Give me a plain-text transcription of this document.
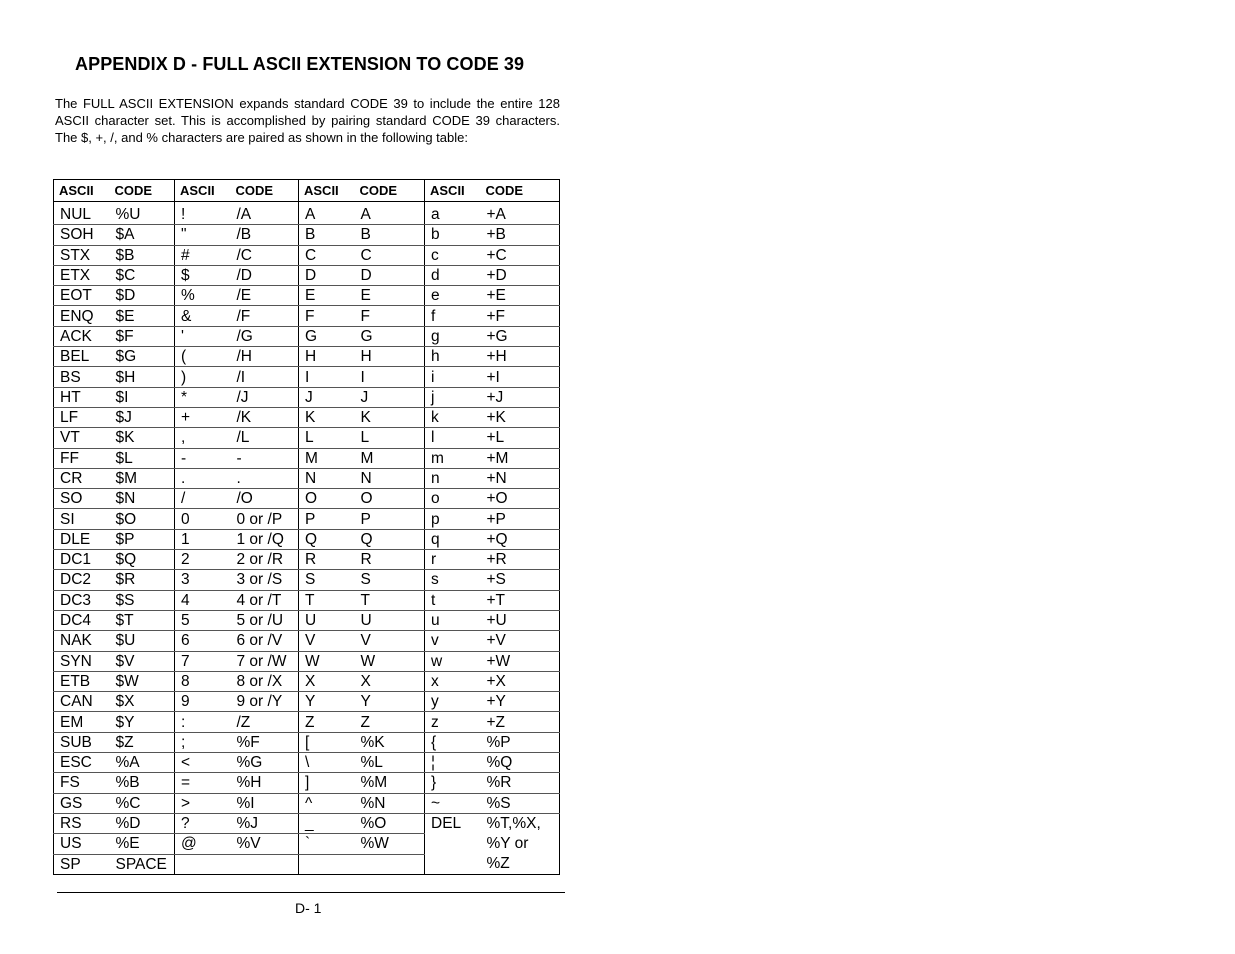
APPENDIX D - FULL ASCII EXTENSION TO CODE 39
The FULL ASCII EXTENSION expands standard CODE 39 to include the entire 128 ASCII character set. This is accomplished by pairing standard CODE 39 characters. The $, +, /, and % characters are paired as shown in the following table:
ASCII	CODE	ASCII	CODE	ASCII	CODE	ASCII	CODE

NUL	%U	!	/A	A	A	a	+A
SOH	$A	"	/B	B	B	b	+B
STX	$B	#	/C	C	C	c	+C
ETX	$C	$	/D	D	D	d	+D
EOT	$D	%	/E	E	E	e	+E
ENQ	$E	&	/F	F	F	f	+F
ACK	$F	'	/G	G	G	g	+G
BEL	$G	(	/H	H	H	h	+H
BS	$H	)	/I	I	I	i	+I
HT	$I	*	/J	J	J	j	+J
LF	$J	+	/K	K	K	k	+K
VT	$K	,	/L	L	L	l	+L
FF	$L	-	-	M	M	m	+M
CR	$M	.	.	N	N	n	+N
SO	$N	/	/O	O	O	o	+O
SI	$O	0	0 or /P	P	P	p	+P
DLE	$P	1	1 or /Q	Q	Q	q	+Q
DC1	$Q	2	2 or /R	R	R	r	+R
DC2	$R	3	3 or /S	S	S	s	+S
DC3	$S	4	4 or /T	T	T	t	+T
DC4	$T	5	5 or /U	U	U	u	+U
NAK	$U	6	6 or /V	V	V	v	+V
SYN	$V	7	7 or /W	W	W	w	+W
ETB	$W	8	8 or /X	X	X	x	+X
CAN	$X	9	9 or /Y	Y	Y	y	+Y
EM	$Y	:	/Z	Z	Z	z	+Z
SUB	$Z	;	%F	[	%K	{	%P
ESC	%A	<	%G	\	%L	¦	%Q
FS	%B	=	%H	]	%M	}	%R
GS	%C	>	%I	^	%N	~	%S
RS	%D	?	%J	_	%O	DEL	%T,%X,
US	%E	@	%V	`	%W		%Y or
SP	SPACE						%Z
D- 1
